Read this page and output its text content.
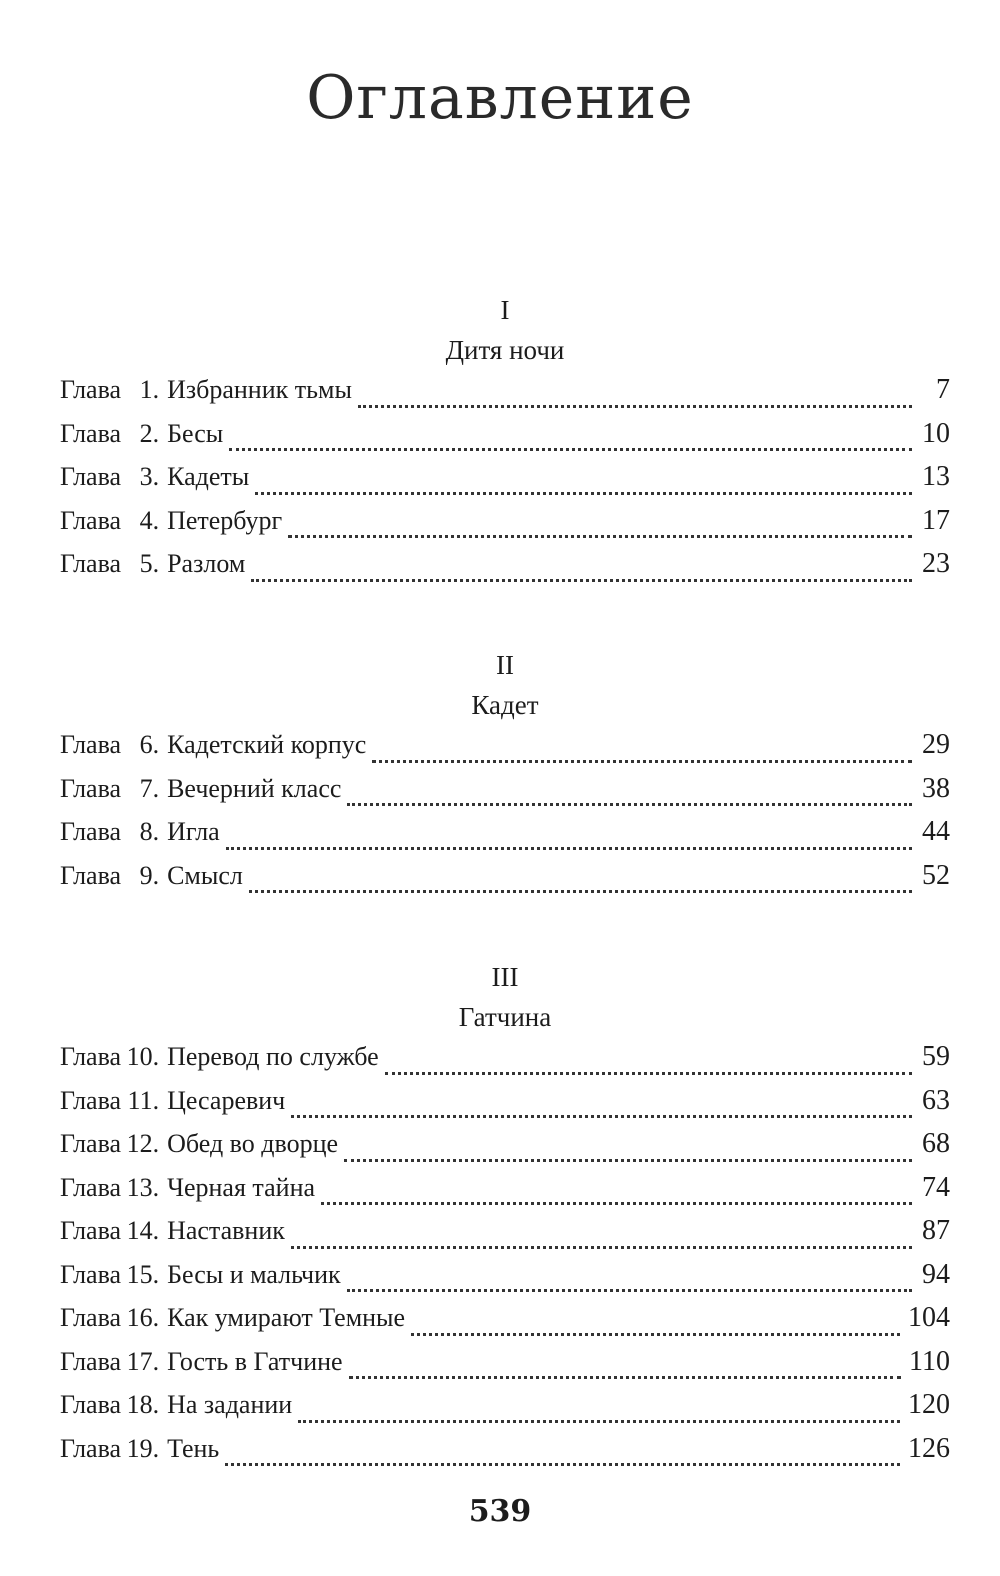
Оглавление
I
Дитя ночи
Глава 1. Избранник тьмы	7
Глава 2. Бесы	10
Глава 3. Кадеты	13
Глава 4. Петербург	17
Глава 5. Разлом	23
II
Кадет
Глава 6. Кадетский корпус	29
Глава 7. Вечерний класс	38
Глава 8. Игла	44
Глава 9. Смысл	52
III
Гатчина
Глава 10. Перевод по службе	59
Глава 11. Цесаревич	63
Глава 12. Обед во дворце	68
Глава 13. Черная тайна	74
Глава 14. Наставник	87
Глава 15. Бесы и мальчик	94
Глава 16. Как умирают Темные	104
Глава 17. Гость в Гатчине	110
Глава 18. На задании	120
Глава 19. Тень	126
539
